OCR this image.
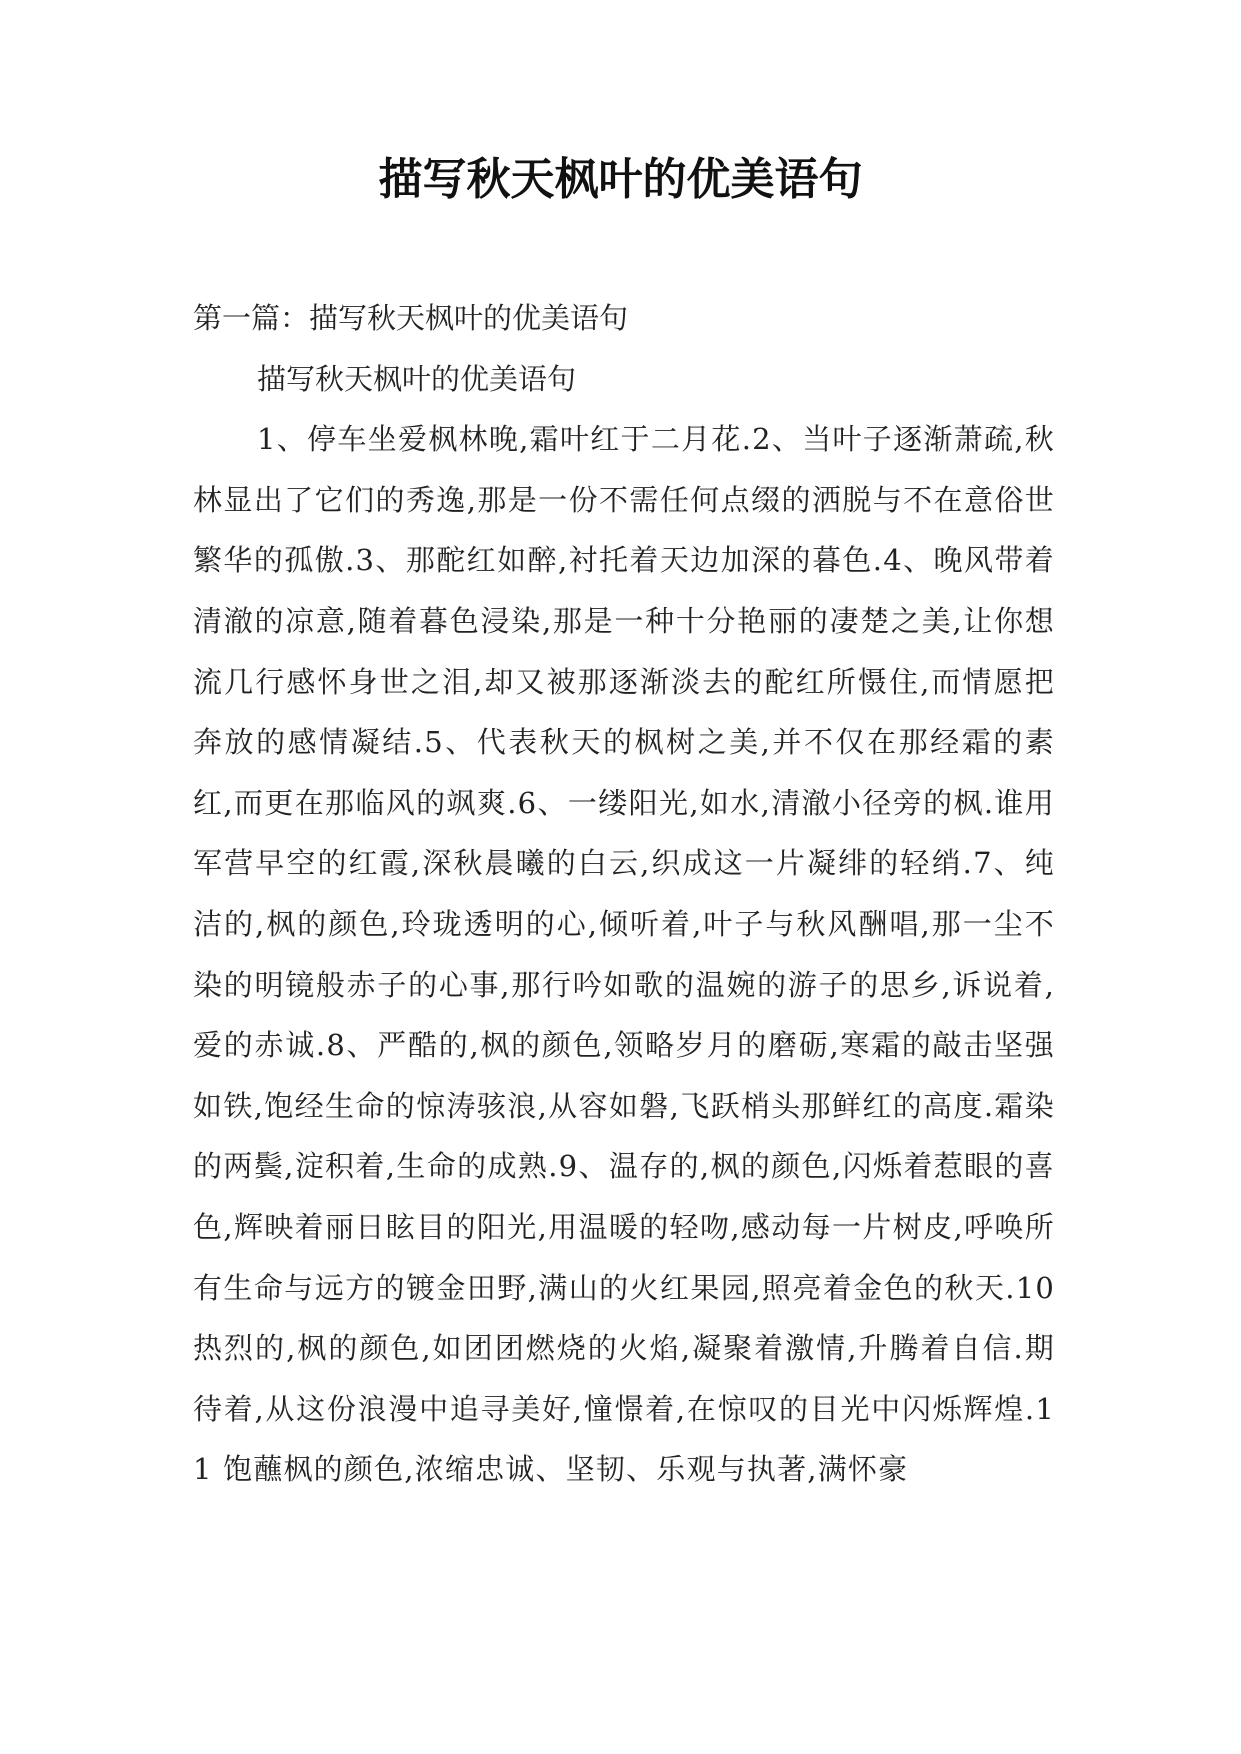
描写秋天枫叶的优美语句
第一篇：描写秋天枫叶的优美语句

描写秋天枫叶的优美语句

1、停车坐爱枫林晚,霜叶红于二月花.2、当叶子逐渐萧疏,秋林显出了它们的秀逸,那是一份不需任何点缀的洒脱与不在意俗世繁华的孤傲.3、那酡红如醉,衬托着天边加深的暮色.4、晚风带着清澈的凉意,随着暮色浸染,那是一种十分艳丽的凄楚之美,让你想流几行感怀身世之泪,却又被那逐渐淡去的酡红所慑住,而情愿把奔放的感情凝结.5、代表秋天的枫树之美,并不仅在那经霜的素红,而更在那临风的飒爽.6、一缕阳光,如水,清澈小径旁的枫.谁用军营早空的红霞,深秋晨曦的白云,织成这一片凝绯的轻绡.7、纯洁的,枫的颜色,玲珑透明的心,倾听着,叶子与秋风酬唱,那一尘不染的明镜般赤子的心事,那行吟如歌的温婉的游子的思乡,诉说着,爱的赤诚.8、严酷的,枫的颜色,领略岁月的磨砺,寒霜的敲击坚强如铁,饱经生命的惊涛骇浪,从容如磐,飞跃梢头那鲜红的高度.霜染的两鬓,淀积着,生命的成熟.9、温存的,枫的颜色,闪烁着惹眼的喜色,辉映着丽日眩目的阳光,用温暖的轻吻,感动每一片树皮,呼唤所有生命与远方的镀金田野,满山的火红果园,照亮着金色的秋天.10 热烈的,枫的颜色,如团团燃烧的火焰,凝聚着激情,升腾着自信.期待着,从这份浪漫中追寻美好,憧憬着,在惊叹的目光中闪烁辉煌.11 饱蘸枫的颜色,浓缩忠诚、坚韧、乐观与执著,满怀豪
